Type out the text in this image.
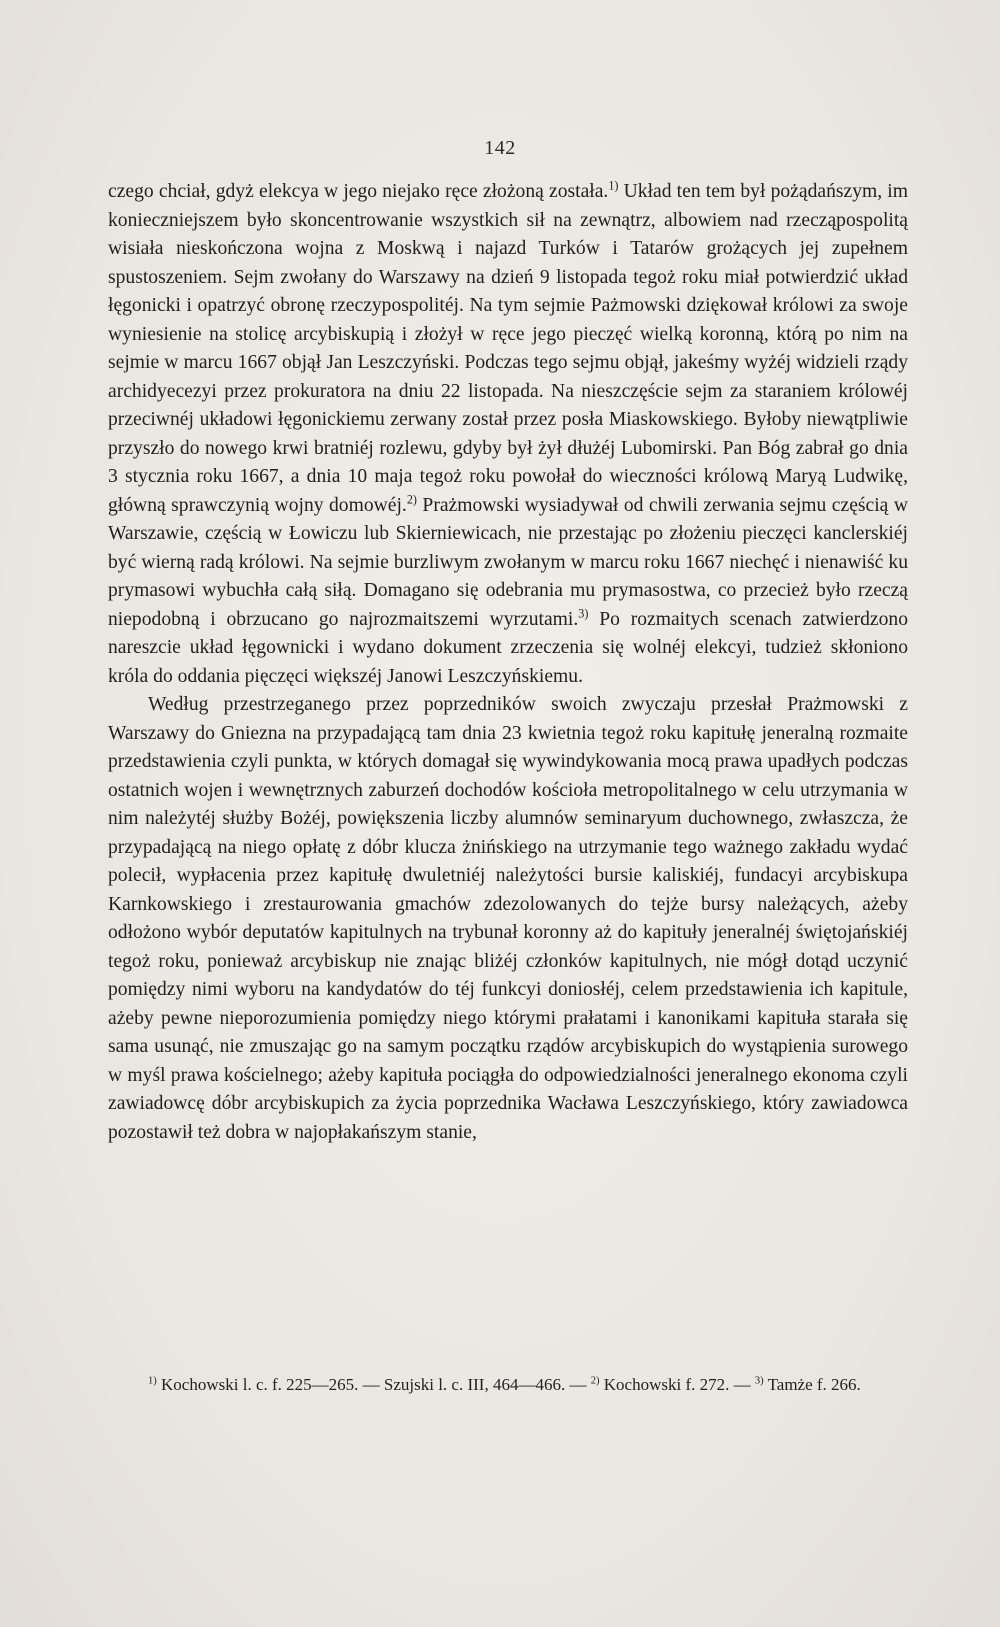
142

czego chciał, gdyż elekcya w jego niejako ręce złożoną została.$^{1)}$ Układ ten tem był pożądańszym, im konieczniejszem było skoncentrowanie wszystkich sił na zewnątrz, albowiem nad rzecząpospolitą wisiała nieskończona wojna z Moskwą i najazd Turków i Tatarów grożących jej zupełnem spustoszeniem. Sejm zwołany do Warszawy na dzień 9 listopada tegoż roku miał potwierdzić układ łęgonicki i opatrzyć obronę rzeczypospolitéj. Na tym sejmie Pażmowski dziękował królowi za swoje wyniesienie na stolicę arcybiskupią i złożył w ręce jego pieczęć wielką koronną, którą po nim na sejmie w marcu 1667 objął Jan Leszczyński. Podczas tego sejmu objął, jakeśmy wyżéj widzieli rządy archidyecezyi przez prokuratora na dniu 22 listopada. Na nieszczęście sejm za staraniem królowéj przeciwnéj układowi łęgonickiemu zerwany został przez posła Miaskowskiego. Byłoby niewątpliwie przyszło do nowego krwi bratniéj rozlewu, gdyby był żył dłużéj Lubomirski. Pan Bóg zabrał go dnia 3 stycznia roku 1667, a dnia 10 maja tegoż roku powołał do wieczności królową Maryą Ludwikę, główną sprawczynią wojny domowéj.$^{2)}$ Prażmowski wysiadywał od chwili zerwania sejmu częścią w Warszawie, częścią w Łowiczu lub Skierniewicach, nie przestając po złożeniu pieczęci kanclerskiéj być wierną radą królowi. Na sejmie burzliwym zwołanym w marcu roku 1667 niechęć i nienawiść ku prymasowi wybuchła całą siłą. Domagano się odebrania mu prymasostwa, co przecież było rzeczą niepodobną i obrzucano go najrozmaitszemi wyrzutami.$^{3)}$ Po rozmaitych scenach zatwierdzono nareszcie układ łęgownicki i wydano dokument zrzeczenia się wolnéj elekcyi, tudzież skłoniono króla do oddania pięczęci większéj Janowi Leszczyńskiemu.

Według przestrzeganego przez poprzedników swoich zwyczaju przesłał Prażmowski z Warszawy do Gniezna na przypadającą tam dnia 23 kwietnia tegoż roku kapitułę jeneralną rozmaite przedstawienia czyli punkta, w których domagał się wywindykowania mocą prawa upadłych podczas ostatnich wojen i wewnętrznych zaburzeń dochodów kościoła metropolitalnego w celu utrzymania w nim należytéj służby Bożéj, powiększenia liczby alumnów seminaryum duchownego, zwłaszcza, że przypadającą na niego opłatę z dóbr klucza żnińskiego na utrzymanie tego ważnego zakładu wydać polecił, wypłacenia przez kapitułę dwuletniéj należytości bursie kaliskiéj, fundacyi arcybiskupa Karnkowskiego i zrestaurowania gmachów zdezolowanych do tejże bursy należących, ażeby odłożono wybór deputatów kapitulnych na trybunał koronny aż do kapituły jeneralnéj świętojańskiéj tegoż roku, ponieważ arcybiskup nie znając bliżéj członków kapitulnych, nie mógł dotąd uczynić pomiędzy nimi wyboru na kandydatów do téj funkcyi doniosłéj, celem przedstawienia ich kapitule, ażeby pewne nieporozumienia pomiędzy niego którymi prałatami i kanonikami kapituła starała się sama usunąć, nie zmuszając go na samym początku rządów arcybiskupich do wystąpienia surowego w myśl prawa kościelnego; ażeby kapituła pociągła do odpowiedzialności jeneralnego ekonoma czyli zawiadowcę dóbr arcybiskupich za życia poprzednika Wacława Leszczyńskiego, który zawiadowca pozostawił też dobra w najopłakańszym stanie,

$^{1)}$ Kochowski l. c. f. 225—265. — Szujski l. c. III, 464—466. — $^{2)}$ Kochowski f. 272. — $^{3)}$ Tamże f. 266.
